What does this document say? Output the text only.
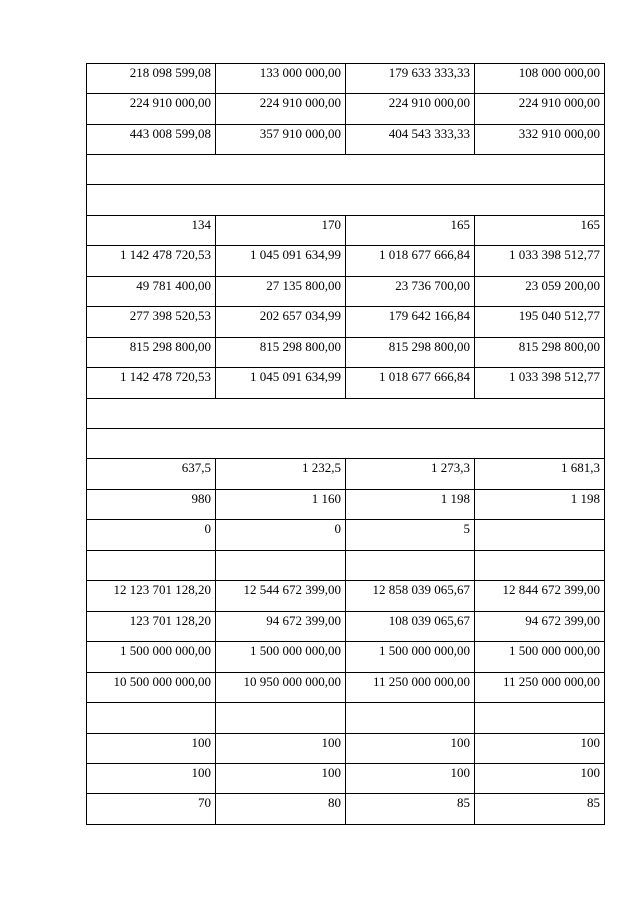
218 098 599,08	133 000 000,00	179 633 333,33	108 000 000,00
224 910 000,00	224 910 000,00	224 910 000,00	224 910 000,00
443 008 599,08	357 910 000,00	404 543 333,33	332 910 000,00

134	170	165	165
1 142 478 720,53	1 045 091 634,99	1 018 677 666,84	1 033 398 512,77
49 781 400,00	27 135 800,00	23 736 700,00	23 059 200,00
277 398 520,53	202 657 034,99	179 642 166,84	195 040 512,77
815 298 800,00	815 298 800,00	815 298 800,00	815 298 800,00
1 142 478 720,53	1 045 091 634,99	1 018 677 666,84	1 033 398 512,77

637,5	1 232,5	1 273,3	1 681,3
980	1 160	1 198	1 198
0	0	5	

12 123 701 128,20	12 544 672 399,00	12 858 039 065,67	12 844 672 399,00
123 701 128,20	94 672 399,00	108 039 065,67	94 672 399,00
1 500 000 000,00	1 500 000 000,00	1 500 000 000,00	1 500 000 000,00
10 500 000 000,00	10 950 000 000,00	11 250 000 000,00	11 250 000 000,00

100	100	100	100
100	100	100	100
70	80	85	85
